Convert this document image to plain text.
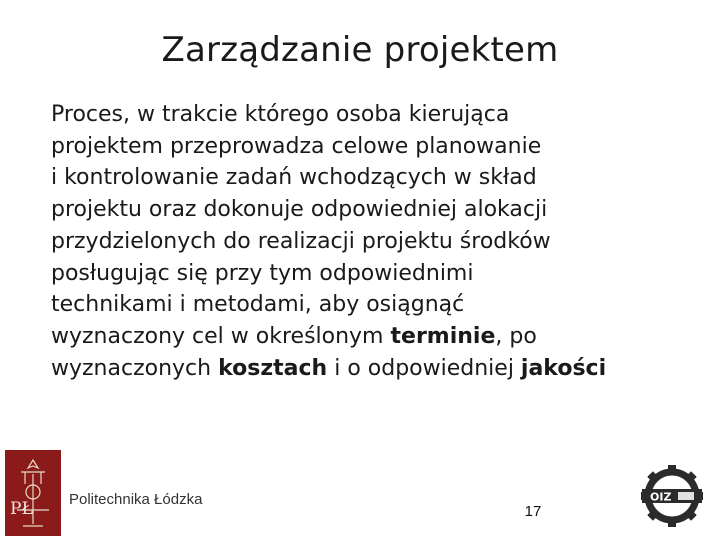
Zarządzanie projektem
Proces, w trakcie którego osoba kierująca
projektem przeprowadza celowe planowanie
i kontrolowanie zadań wchodzących w skład
projektu oraz dokonuje odpowiedniej alokacji
przydzielonych do realizacji projektu środków
posługując się przy tym odpowiednimi
technikami i metodami, aby osiągnąć
wyznaczony cel w określonym terminie, po
wyznaczonych kosztach i o odpowiedniej jakości
PŁ Politechnika Łódzka
17
OIZ
